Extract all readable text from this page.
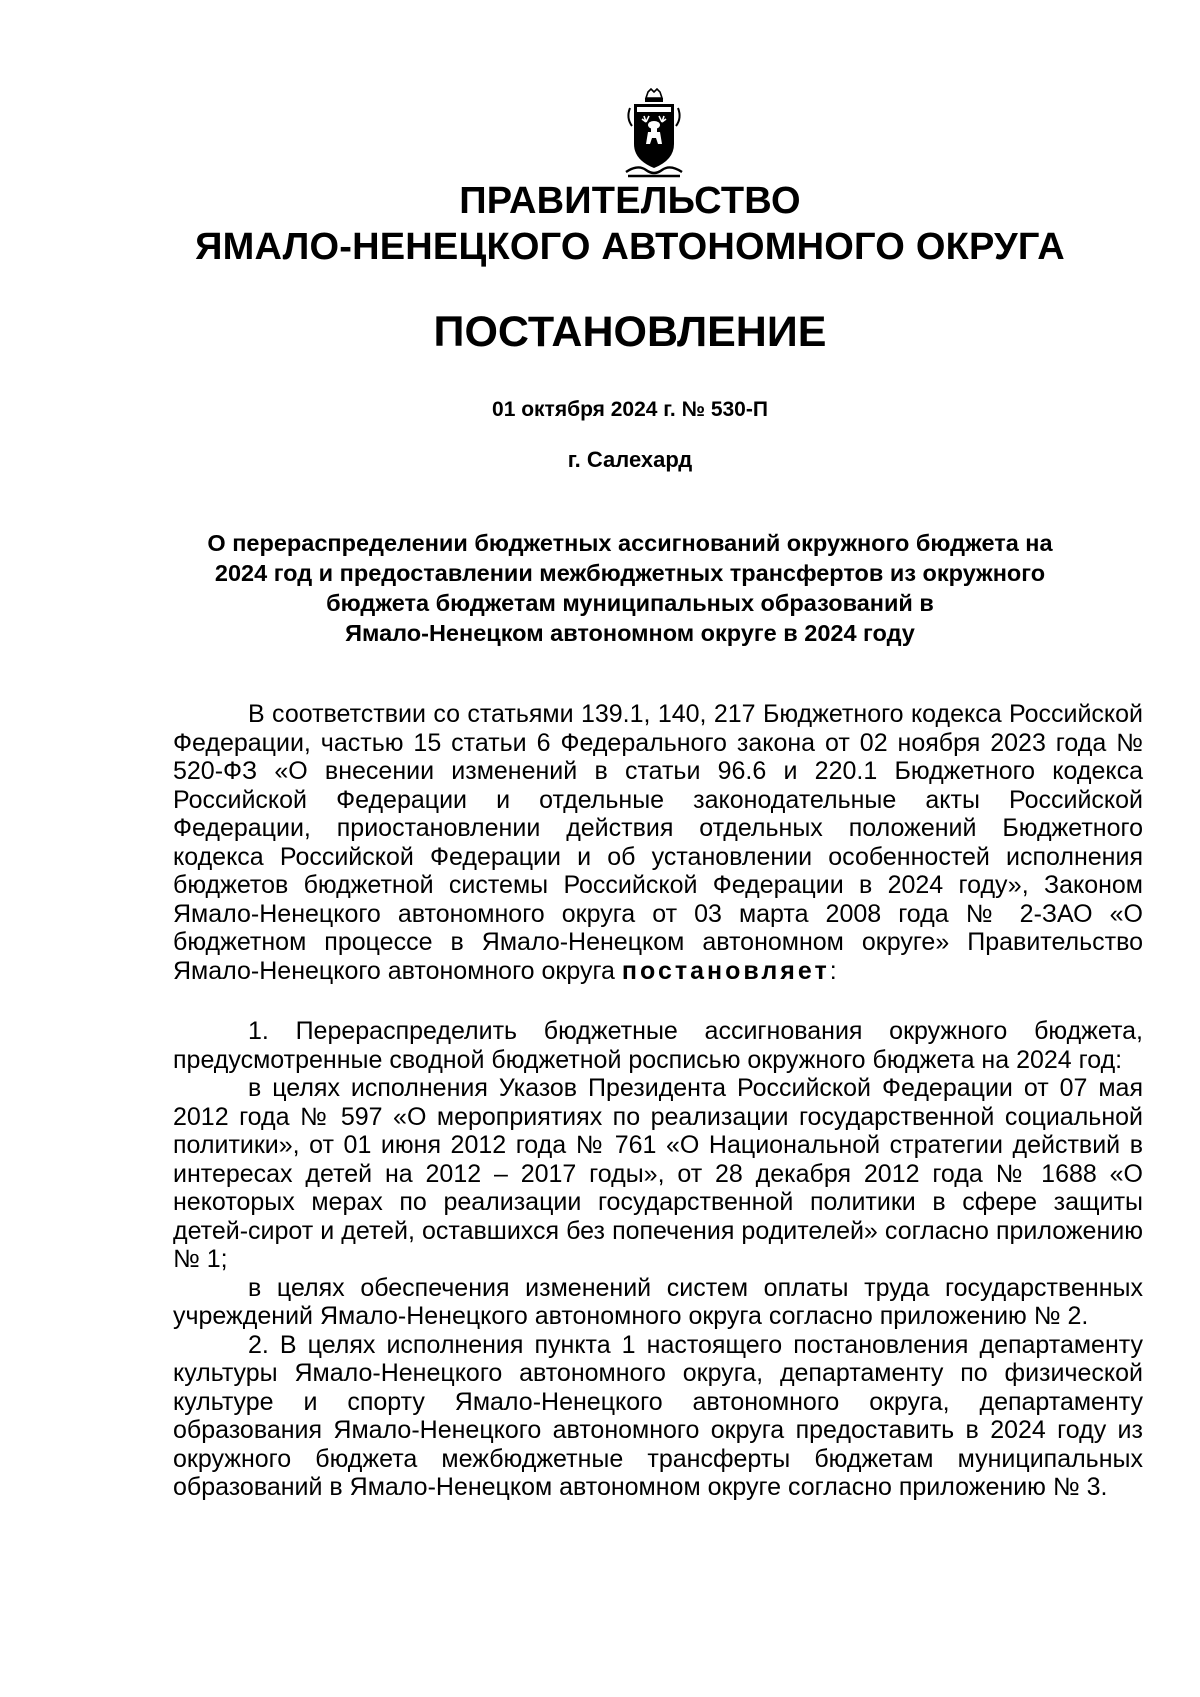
ПРАВИТЕЛЬСТВО
ЯМАЛО-НЕНЕЦКОГО АВТОНОМНОГО ОКРУГА
ПОСТАНОВЛЕНИЕ
01 октября 2024 г. № 530-П
г. Салехард
О перераспределении бюджетных ассигнований окружного бюджета на
2024 год и предоставлении межбюджетных трансфертов из окружного
бюджета бюджетам муниципальных образований в
Ямало-Ненецком автономном округе в 2024 году

В соответствии со статьями 139.1, 140, 217 Бюджетного кодекса Российской Федерации, частью 15 статьи 6 Федерального закона от 02 ноября 2023 года № 520-ФЗ «О внесении изменений в статьи 96.6 и 220.1 Бюджетного кодекса Российской Федерации и отдельные законодательные акты Российской Федерации, приостановлении действия отдельных положений Бюджетного кодекса Российской Федерации и об установлении особенностей исполнения бюджетов бюджетной системы Российской Федерации в 2024 году», Законом Ямало-Ненецкого автономного округа от 03 марта 2008 года № 2-ЗАО «О бюджетном процессе в Ямало-Ненецком автономном округе» Правительство Ямало-Ненецкого автономного округа постановляет:

1. Перераспределить бюджетные ассигнования окружного бюджета, предусмотренные сводной бюджетной росписью окружного бюджета на 2024 год:

в целях исполнения Указов Президента Российской Федерации от 07 мая 2012 года № 597 «О мероприятиях по реализации государственной социальной политики», от 01 июня 2012 года № 761 «О Национальной стратегии действий в интересах детей на 2012 – 2017 годы», от 28 декабря 2012 года № 1688 «О некоторых мерах по реализации государственной политики в сфере защиты детей-сирот и детей, оставшихся без попечения родителей» согласно приложению № 1;

в целях обеспечения изменений систем оплаты труда государственных учреждений Ямало-Ненецкого автономного округа согласно приложению № 2.

2. В целях исполнения пункта 1 настоящего постановления департаменту культуры Ямало-Ненецкого автономного округа, департаменту по физической культуре и спорту Ямало-Ненецкого автономного округа, департаменту образования Ямало-Ненецкого автономного округа предоставить в 2024 году из окружного бюджета межбюджетные трансферты бюджетам муниципальных образований в Ямало-Ненецком автономном округе согласно приложению № 3.
